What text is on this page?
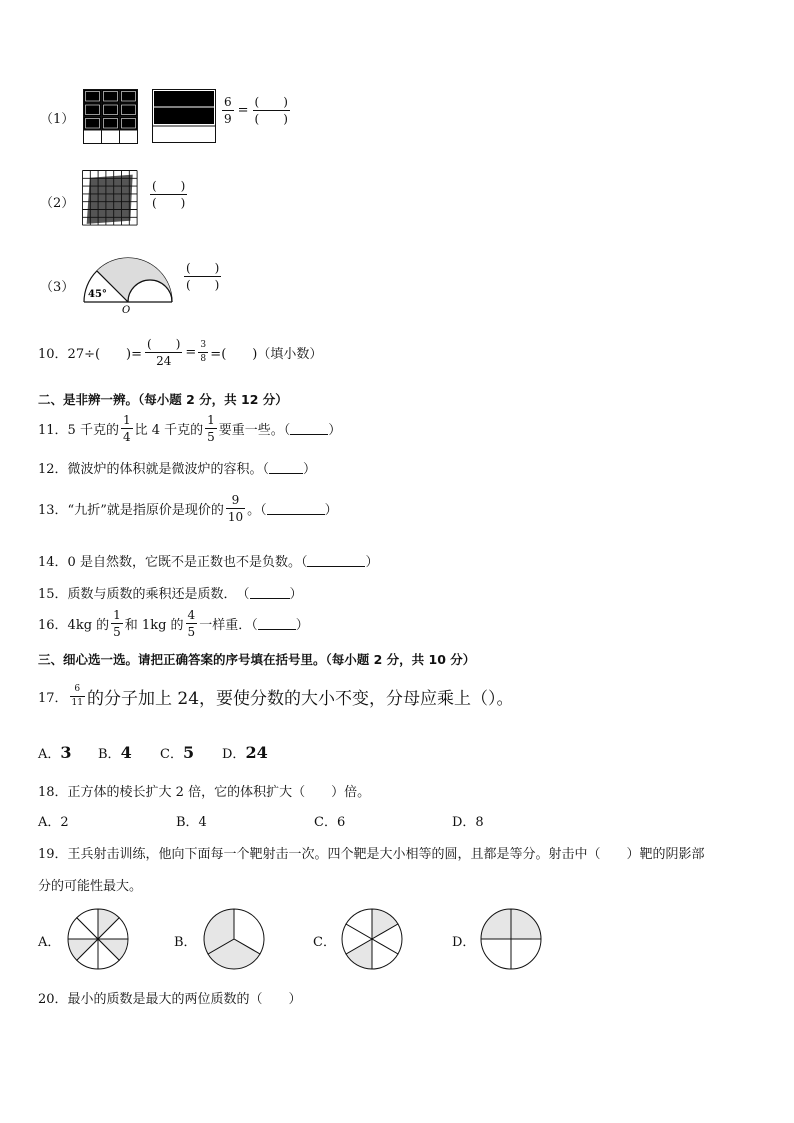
（1）	$\frac{6}{9} = \frac{( )}{( )}$
（2）	$\frac{( )}{( )}$
（3） 45°
O
$\frac{( )}{( )}$
10．27÷(　　)= $\frac{( )}{24} = \frac{3}{8}$ =(　　)（填小数）
二、是非辨一辨。（每小题 2 分，共 12 分）
11．5 千克的 $\frac{1}{4}$ 比 4 千克的 $\frac{1}{5}$ 要重一些。（	）
12．微波炉的体积就是微波炉的容积。（	）
13．“九折”就是指原价是现价的 $\frac{9}{10}$ 。（	）
14．0 是自然数，它既不是正数也不是负数。（	）
15．质数与质数的乘积还是质数．　（	）
16．4kg 的 $\frac{1}{5}$ 和 1kg 的 $\frac{4}{5}$ 一样重．（	）
三、细心选一选。请把正确答案的序号填在括号里。（每小题 2 分，共 10 分）
17． $\frac{6}{11}$ 的分子加上 24，要使分数的大小不变，分母应乘上（）。
A．3 B．4 C．5 D．24
18．正方体的棱长扩大 2 倍，它的体积扩大（　　）倍。
A．2	B．4	C．6	D．8
19．王兵射击训练，他向下面每一个靶射击一次。四个靶是大小相等的圆，且都是等分。射击中（　　）靶的阴影部
分的可能性最大。
A．	B．	C．	D．
20．最小的质数是最大的两位质数的（　　）
